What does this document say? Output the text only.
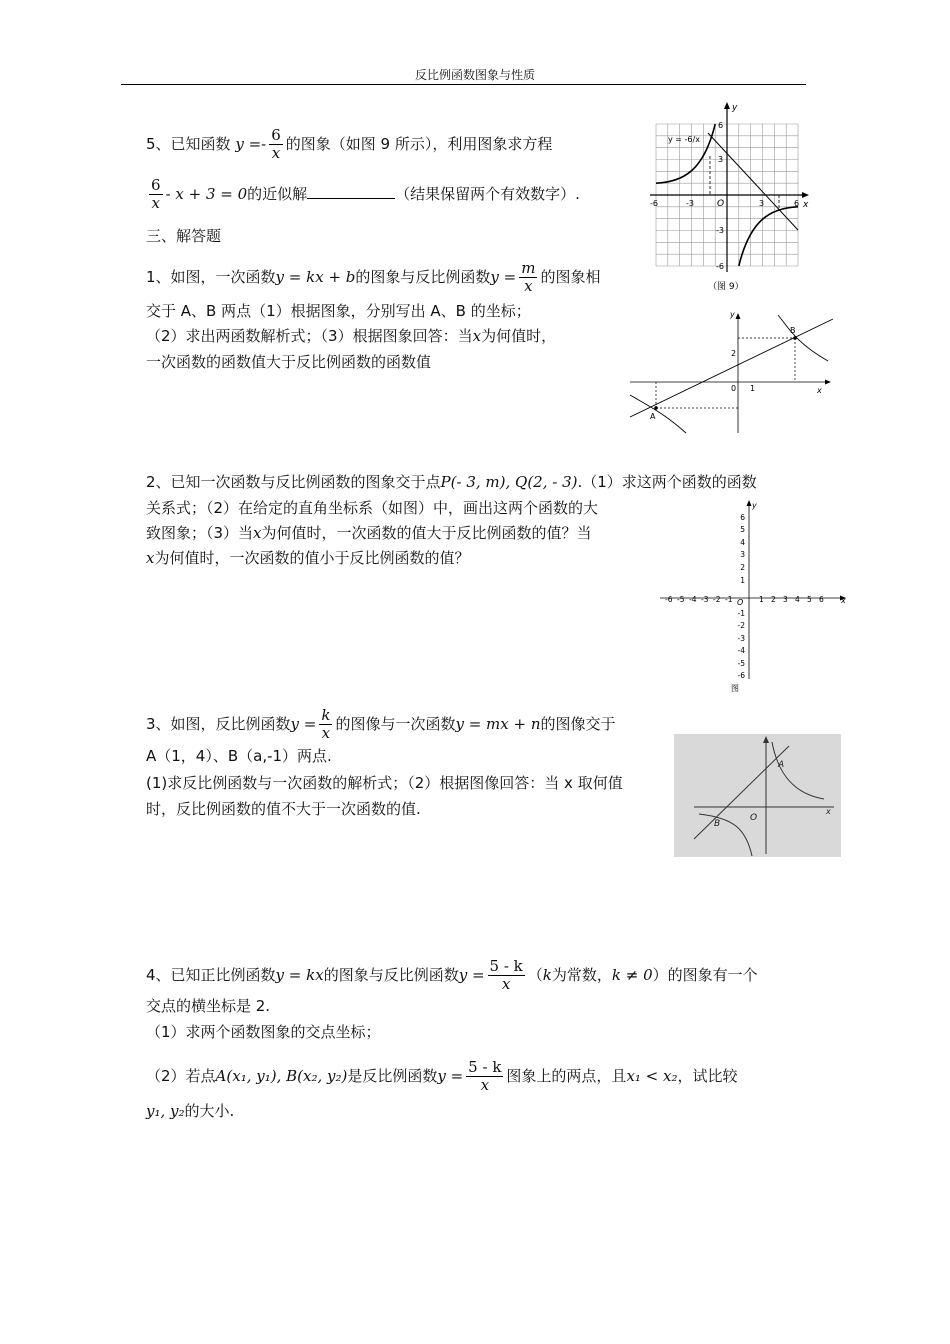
反比例函数图象与性质
5、已知函数 $y =- \frac{6}{x}$ 的图象（如图 9 所示），利用图象求方程
$\frac{6}{x} - x + 3 = 0$的近似解	（结果保留两个有效数字）.
三、解答题
1、如图，一次函数y = kx + b的图象与反比例函数$y = \frac{m}{x}$ 的图象相
交于 A、B 两点（1）根据图象，分别写出 A、B 的坐标；
（2）求出两函数解析式；（3）根据图象回答：当x为何值时，
一次函数的函数值大于反比例函数的函数值
2、已知一次函数与反比例函数的图象交于点P(- 3, m), Q(2, - 3).（1）求这两个函数的函数
关系式；（2）在给定的直角坐标系（如图）中，画出这两个函数的大
致图象；（3）当x为何值时，一次函数的值大于反比例函数的值？当
x为何值时，一次函数的值小于反比例函数的值？
3、如图，反比例函数$y = \frac{k}{x}$ 的图像与一次函数y = mx + n的图像交于
A（1，4）、B（a,-1）两点.
(1)求反比例函数与一次函数的解析式；（2）根据图像回答：当 x 取何值
时，反比例函数的值不大于一次函数的值.
4、已知正比例函数y = kx的图象与反比例函数$y = \frac{5 - k}{x} (k$为常数，k ≠ 0）的图象有一个
交点的横坐标是 2.
（1）求两个函数图象的交点坐标；
（2）若点A(x₁, y₁), B(x₂, y₂)是反比例函数$y = \frac{5 - k}{x}$ 图象上的两点，且x₁ < x₂，试比较
y₁, y₂的大小.
y = -6/x
y
x
O
-6	-3	3	6
3
6
-3
-6
（图 9）
y
x
0 1
2
B
A
y
x
O
-6 -5 -4 -3 -2 -1	1 2 3 4 5 6
6
5
4
3
2
1
-1
-2
-3
-4
-5
-6
图
A
B
O
x
